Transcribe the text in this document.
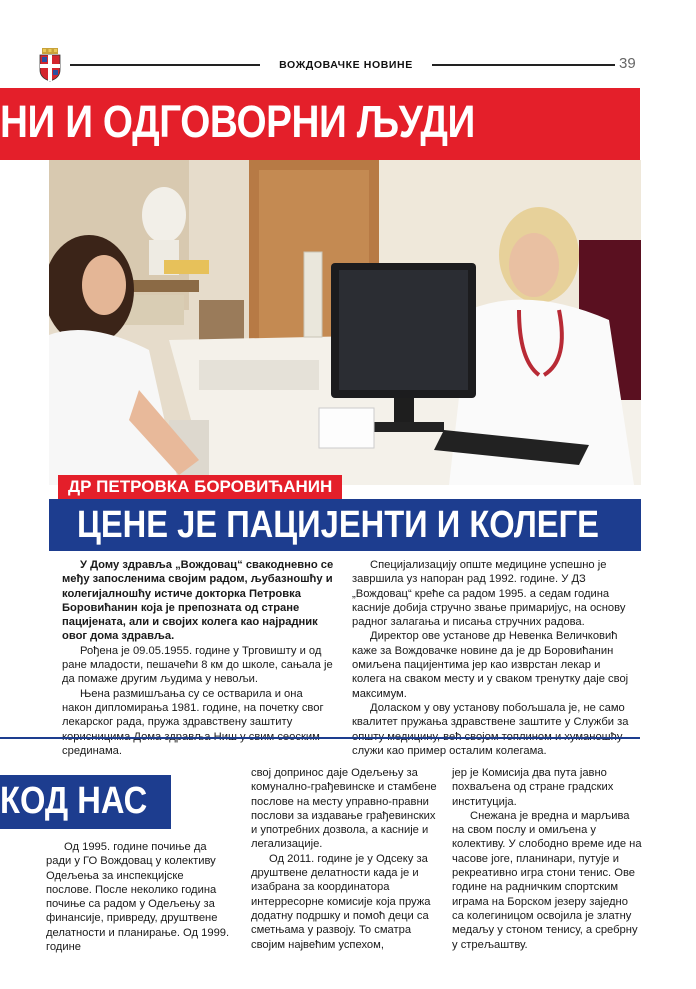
ВОЖДОВАЧКЕ НОВИНЕ	39
НИ И ОДГОВОРНИ ЉУДИ
ДР ПЕТРОВКА БОРОВИЋАНИН
ЦЕНЕ ЈЕ ПАЦИЈЕНТИ И КОЛЕГЕ

У Дому здравља „Вождовац“ свакодневно се међу запосленима својим радом, љубазношћу и колегијалношћу истиче докторка Петровка Боровићанин која је препозната од стране пацијената, али и својих колега као најрадник овог дома здравља.

Рођена је 09.05.1955. године у Трговишту и од ране младости, пешачећи 8 км до школе, сањала је да помаже другим људима у невољи.

Њена размишљања су се остварила и она након дипломирања 1981. године, на почетку свог лекарског рада, пружа здравствену заштиту срединама.

Специјализацију опште медицине успешно је завршила уз напоран рад 1992. године. У ДЗ „Вождовац“ креће са радом 1995. а седам година касније добија стручно звање примаријус, на основу радног залагања и писања стручних радова.

Директор ове установе др Невенка Величковић каже за Вождовачке новине да је др Боровићанин омиљена пацијентима јер као изврстан лекар и колега на сваком месту и у сваком тренутку даје свој максимум.

Доласком у ову установу побољшала је, не само квалитет пружања здравствене заштите у Служби за служи као пример осталим колегама.

КОД НАС

Од 1995. године почиње да ради у ГО Вождовац у колективу Одељења за инспекцијске послове. После неколико година почиње са радом у Одељењу за финансије, привреду, друштвене делатности и планирање. Од 1999. године

свој допринос даје Одељењу за комунално-грађевинске и стамбене послове на месту управно-правни послови за издавање грађевинских и употребних дозвола, а касније и легализације.

Од 2011. године је у Одсеку за друштвене делатности када је и изабрана за координатора интерресорне комисије која пружа додатну подршку и помоћ деци са сметњама у развоју. То сматра својим највећим успехом,

јер је Комисија два пута јавно похваљена од стране градских институција.

Снежана је вредна и марљива на свом послу и омиљена у колективу. У слободно време иде на часове јоге, планинари, путује и рекреативно игра стони тенис. Ове године на радничким спортским играма на Борском језеру заједно са колегиницом освојила је златну медаљу у стоном тенису, а сребрну у стрељаштву.
